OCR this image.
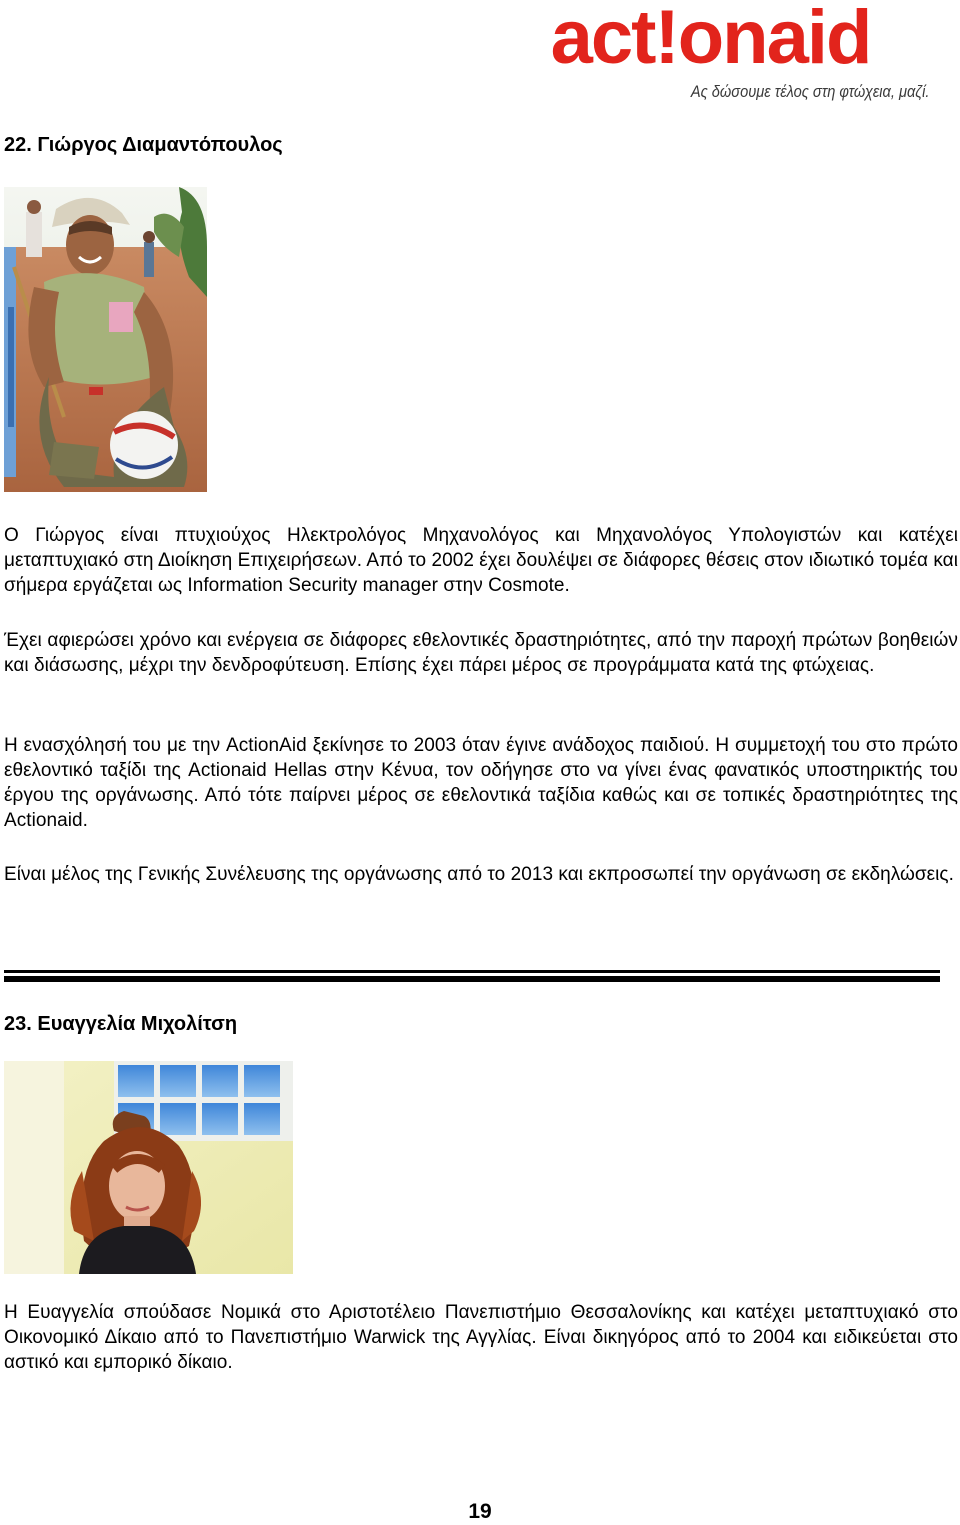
act!onaid
Ας δώσουμε τέλος στη φτώχεια, μαζί.
22. Γιώργος Διαμαντόπουλος

Ο Γιώργος είναι πτυχιούχος Ηλεκτρολόγος Μηχανολόγος και Μηχανολόγος Υπολογιστών και κατέχει μεταπτυχιακό στη Διοίκηση Επιχειρήσεων. Από το 2002 έχει δουλέψει σε διάφορες θέσεις στον ιδιωτικό τομέα και σήμερα εργάζεται ως Information Security manager στην Cosmote.

Έχει αφιερώσει χρόνο και ενέργεια σε διάφορες εθελοντικές δραστηριότητες, από την παροχή πρώτων βοηθειών και διάσωσης, μέχρι την δενδροφύτευση. Επίσης έχει πάρει μέρος σε προγράμματα κατά της φτώχειας.

Η ενασχόλησή του με την ActionAid ξεκίνησε το 2003 όταν έγινε ανάδοχος παιδιού. Η συμμετοχή του στο πρώτο εθελοντικό ταξίδι της Actionaid Hellas στην Κένυα, τον οδήγησε στο να γίνει ένας φανατικός υποστηρικτής του έργου της οργάνωσης. Από τότε παίρνει μέρος σε εθελοντικά ταξίδια καθώς και σε τοπικές δραστηριότητες της Actionaid.

Είναι μέλος της Γενικής Συνέλευσης της οργάνωσης από το 2013 και εκπροσωπεί την οργάνωση σε εκδηλώσεις.

23. Ευαγγελία Μιχολίτση

Η Ευαγγελία σπούδασε Νομικά στο Αριστοτέλειο Πανεπιστήμιο Θεσσαλονίκης και κατέχει μεταπτυχιακό στο Οικονομικό Δίκαιο από το Πανεπιστήμιο Warwick της Αγγλίας. Είναι δικηγόρος από το 2004 και ειδικεύεται στο αστικό και εμπορικό δίκαιο.

19
